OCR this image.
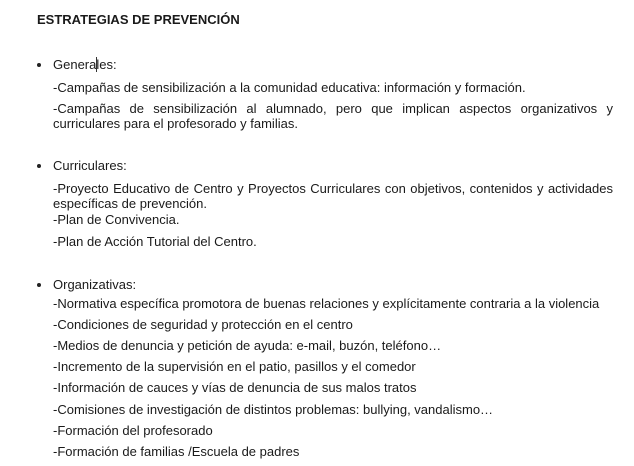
ESTRATEGIAS DE PREVENCIÓN
Generales:
-Campañas de sensibilización a la comunidad educativa: información y formación.
-Campañas de sensibilización al alumnado, pero que implican aspectos organizativos y
curriculares para el profesorado y familias.
Curriculares:
-Proyecto Educativo de Centro y Proyectos Curriculares con objetivos, contenidos y actividades
específicas de prevención.
-Plan de Convivencia.
-Plan de Acción Tutorial del Centro.
Organizativas:
-Normativa específica promotora de buenas relaciones y explícitamente contraria a la violencia
-Condiciones de seguridad y protección en el centro
-Medios de denuncia y petición de ayuda: e-mail, buzón, teléfono…
-Incremento de la supervisión en el patio, pasillos y el comedor
-Información de cauces y vías de denuncia de sus malos tratos
-Comisiones de investigación de distintos problemas: bullying, vandalismo…
-Formación del profesorado
-Formación de familias /Escuela de padres
